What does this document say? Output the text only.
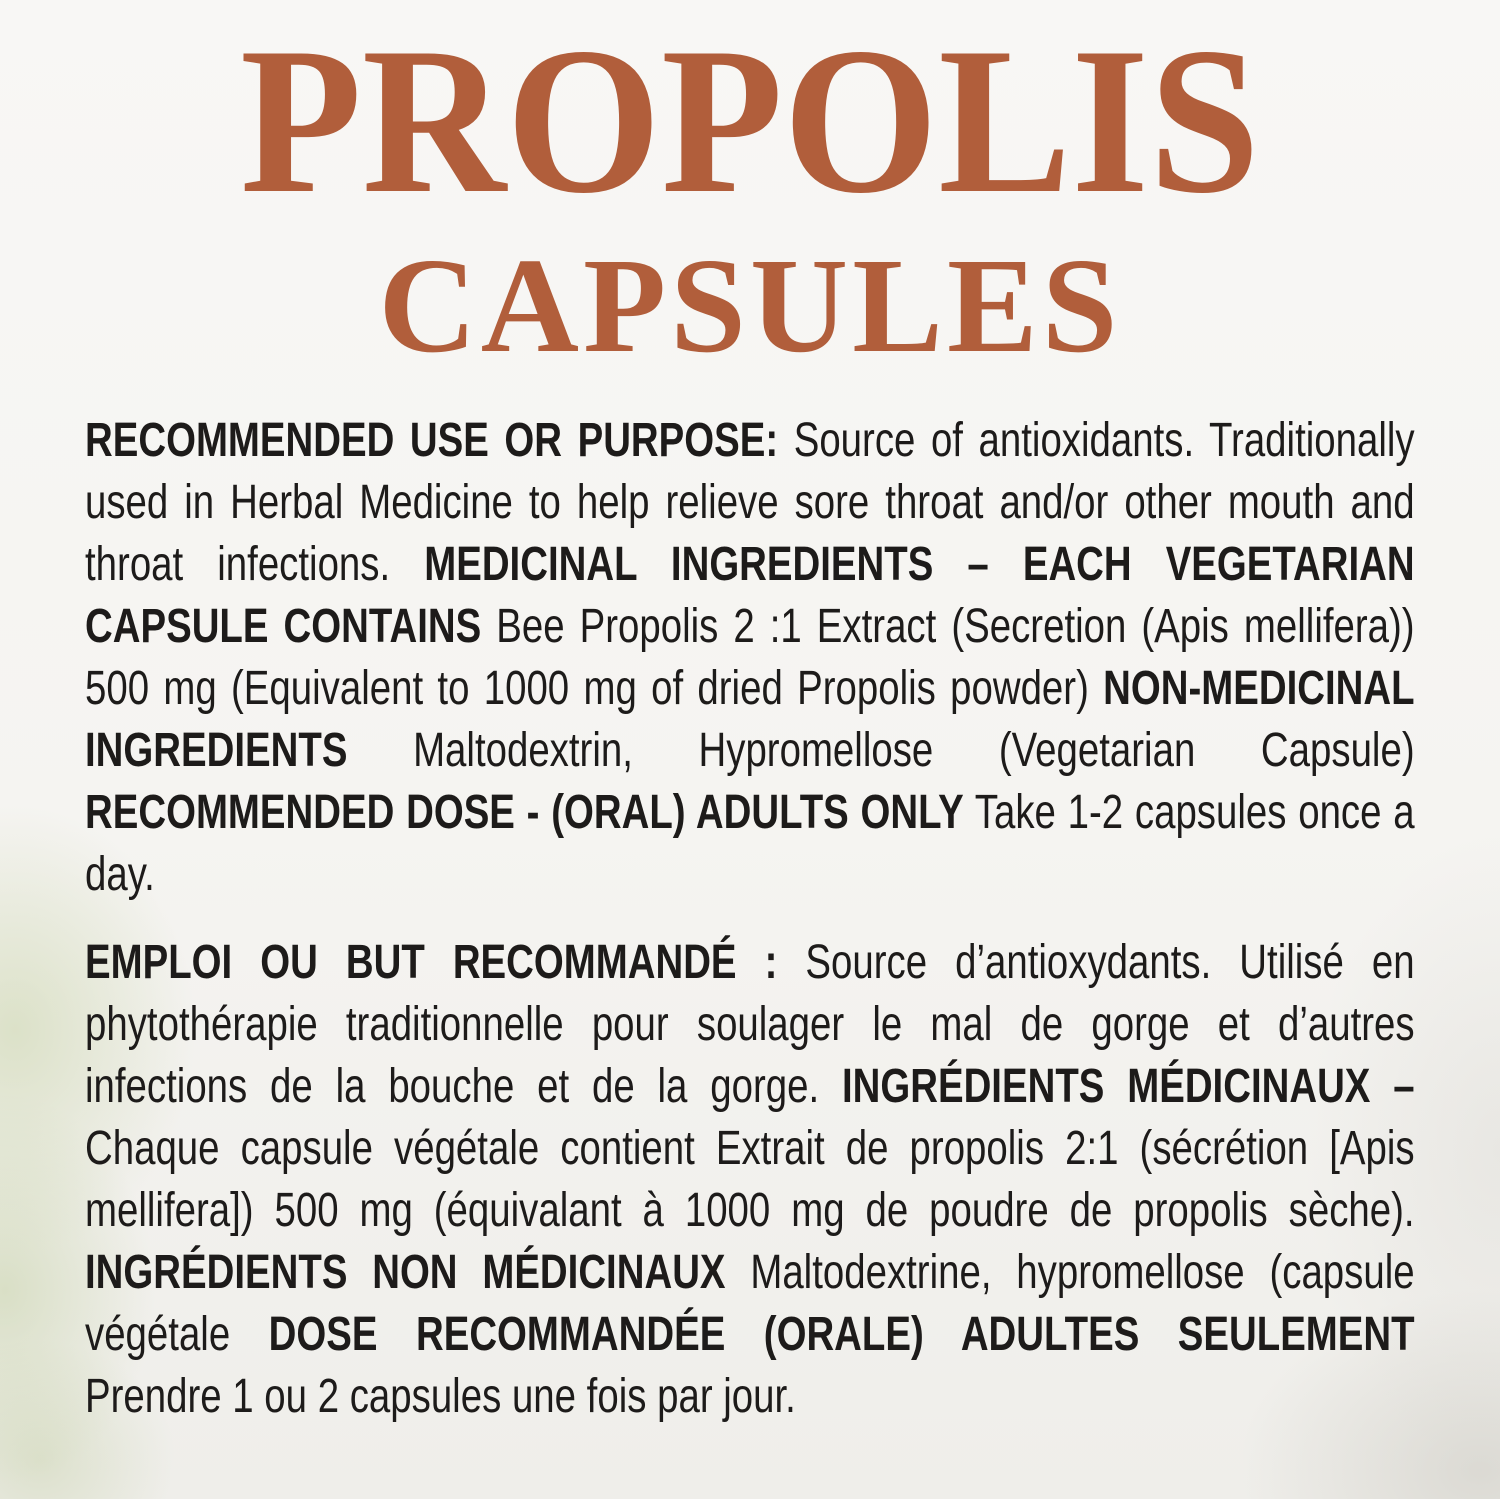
PROPOLIS
CAPSULES

RECOMMENDED USE OR PURPOSE: Source of antioxidants. Traditionally used in Herbal Medicine to help relieve sore throat and/or other mouth and throat infections. MEDICINAL INGREDIENTS – EACH VEGETARIAN CAPSULE CONTAINS Bee Propolis 2 :1 Extract (Secretion (Apis mellifera)) 500 mg (Equivalent to 1000 mg of dried Propolis powder) NON-MEDICINAL INGREDIENTS Maltodextrin, Hypromellose (Vegetarian Capsule) RECOMMENDED DOSE - (ORAL) ADULTS ONLY Take 1-2 capsules once a day.

EMPLOI OU BUT RECOMMANDÉ : Source d’antioxydants. Utilisé en phytothérapie traditionnelle pour soulager le mal de gorge et d’autres infections de la bouche et de la gorge. INGRÉDIENTS MÉDICINAUX – Chaque capsule végétale contient Extrait de propolis 2:1 (sécrétion [Apis mellifera]) 500 mg (équivalant à 1000 mg de poudre de propolis sèche). INGRÉDIENTS NON MÉDICINAUX Maltodextrine, hypromellose (capsule végétale DOSE RECOMMANDÉE (ORALE) ADULTES SEULEMENT Prendre 1 ou 2 capsules une fois par jour.
